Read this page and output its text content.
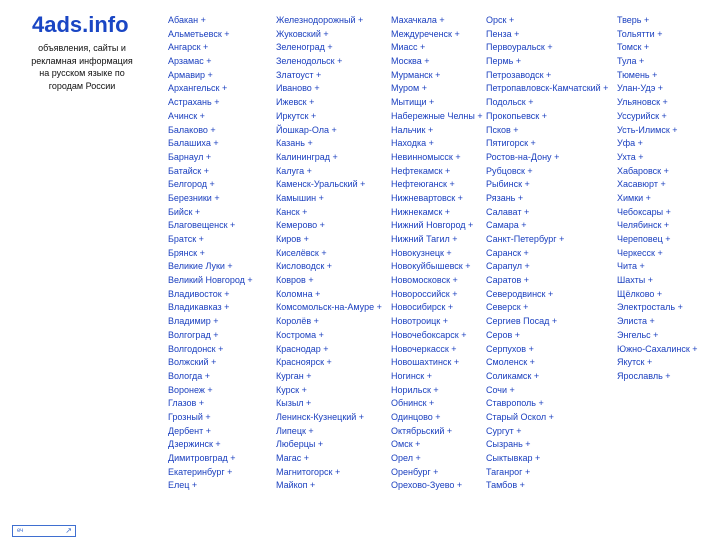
4ads.info
объявления, сайты и рекламная информация на русском языке по городам России
Абакан +
Альметьевск +
Ангарск +
Арзамас +
Армавир +
Архангельск +
Астрахань +
Ачинск +
Балаково +
Балашиха +
Барнаул +
Батайск +
Белгород +
Березники +
Бийск +
Благовещенск +
Братск +
Брянск +
Великие Луки +
Великий Новгород +
Владивосток +
Владикавказ +
Владимир +
Волгоград +
Волгодонск +
Волжский +
Вологда +
Воронеж +
Глазов +
Грозный +
Дербент +
Дзержинск +
Димитровград +
Екатеринбург +
Елец +
Железнодорожный +
Жуковский +
Зеленоград +
Зеленодольск +
Златоуст +
Иваново +
Ижевск +
Иркутск +
Йошкар-Ола +
Казань +
Калининград +
Калуга +
Каменск-Уральский +
Камышин +
Канск +
Кемерово +
Киров +
Киселёвск +
Кисловодск +
Ковров +
Коломна +
Комсомольск-на-Амуре +
Королёв +
Кострома +
Краснодар +
Красноярск +
Курган +
Курск +
Кызыл +
Ленинск-Кузнецкий +
Липецк +
Люберцы +
Магас +
Магнитогорск +
Майкоп +
Махачкала +
Междуреченск +
Миасс +
Москва +
Мурманск +
Муром +
Мытищи +
Набережные Челны +
Нальчик +
Находка +
Невинномысск +
Нефтекамск +
Нефтеюганск +
Нижневартовск +
Нижнекамск +
Нижний Новгород +
Нижний Тагил +
Новокузнецк +
Новокуйбышевск +
Новомосковск +
Новороссийск +
Новосибирск +
Новотроицк +
Новочебоксарск +
Новочеркасск +
Новошахтинск +
Ногинск +
Норильск +
Обнинск +
Одинцово +
Октябрьский +
Омск +
Орел +
Оренбург +
Орехово-Зуево +
Орск +
Пенза +
Первоуральск +
Пермь +
Петрозаводск +
Петропавловск-Камчатский +
Подольск +
Прокопьевск +
Псков +
Пятигорск +
Ростов-на-Дону +
Рубцовск +
Рыбинск +
Рязань +
Салават +
Самара +
Санкт-Петербург +
Саранск +
Сарапул +
Саратов +
Северодвинск +
Северск +
Сергиев Посад +
Серов +
Серпухов +
Смоленск +
Соликамск +
Сочи +
Ставрополь +
Старый Оскол +
Сургут +
Сызрань +
Сыктывкар +
Таганрог +
Тамбов +
Тверь +
Тольятти +
Томск +
Тула +
Тюмень +
Улан-Удэ +
Ульяновск +
Уссурийск +
Усть-Илимск +
Уфа +
Ухта +
Хабаровск +
Хасавюрт +
Химки +
Чебоксары +
Челябинск +
Череповец +
Черкесск +
Чита +
Шахты +
Щёлково +
Электросталь +
Элиста +
Энгельс +
Южно-Сахалинск +
Якутск +
Ярославль +
еч	↗
